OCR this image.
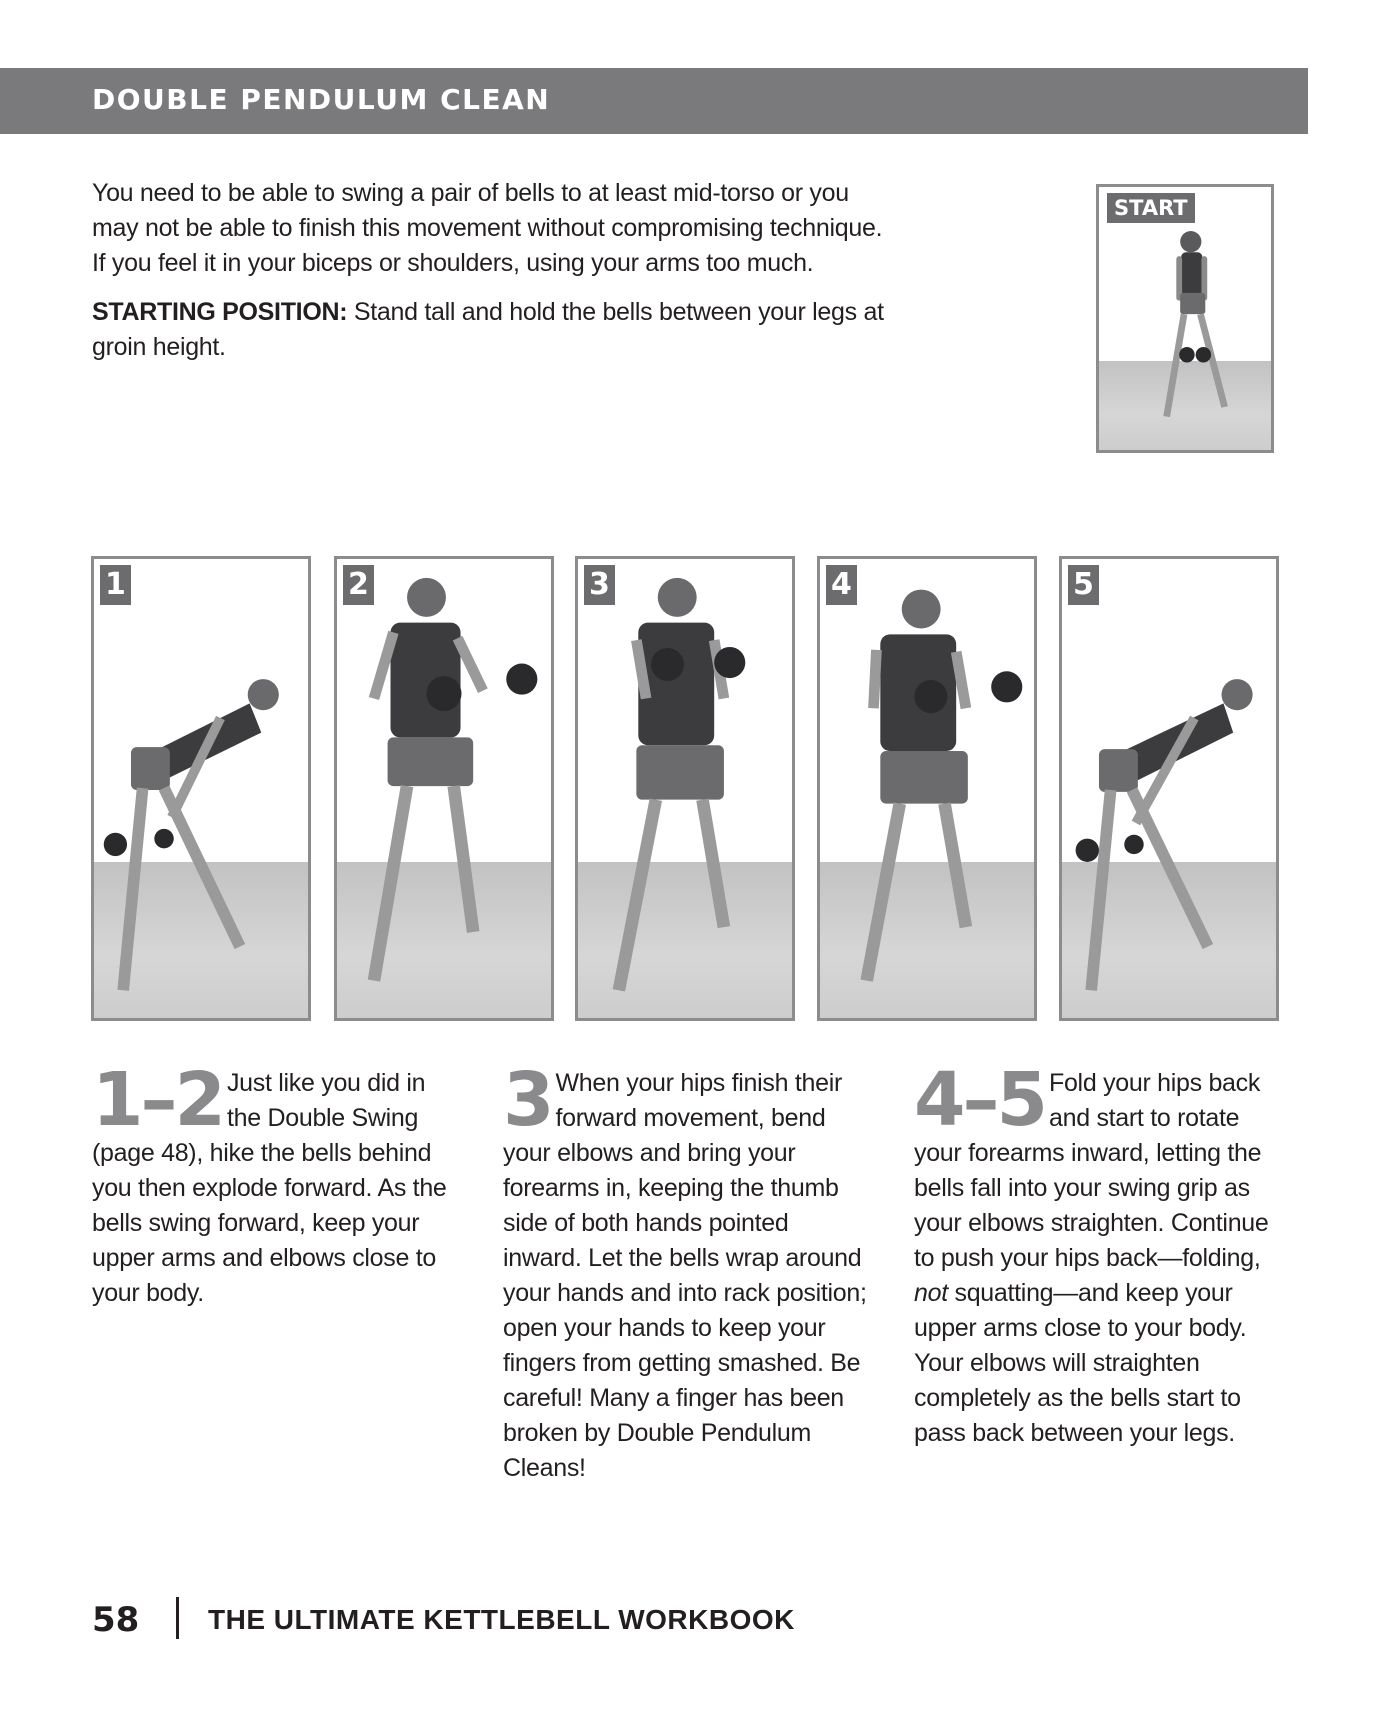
DOUBLE PENDULUM CLEAN

You need to be able to swing a pair of bells to at least mid-torso or you may not be able to finish this movement without compromising technique. If you feel it in your biceps or shoulders, using your arms too much.

STARTING POSITION: Stand tall and hold the bells between your legs at groin height.

START
1	2	3	4	5
1–2 Just like you did in the Double Swing (page 48), hike the bells behind you then explode forward. As the bells swing forward, keep your upper arms and elbows close to your body.
3 When your hips finish their forward movement, bend your elbows and bring your forearms in, keeping the thumb side of both hands pointed inward. Let the bells wrap around your hands and into rack position; open your hands to keep your fingers from getting smashed. Be careful! Many a finger has been broken by Double Pendulum Cleans!
4–5 Fold your hips back and start to rotate your forearms inward, letting the bells fall into your swing grip as your elbows straighten. Continue to push your hips back—folding, not squatting—and keep your upper arms close to your body. Your elbows will straighten completely as the bells start to pass back between your legs.
58 THE ULTIMATE KETTLEBELL WORKBOOK
